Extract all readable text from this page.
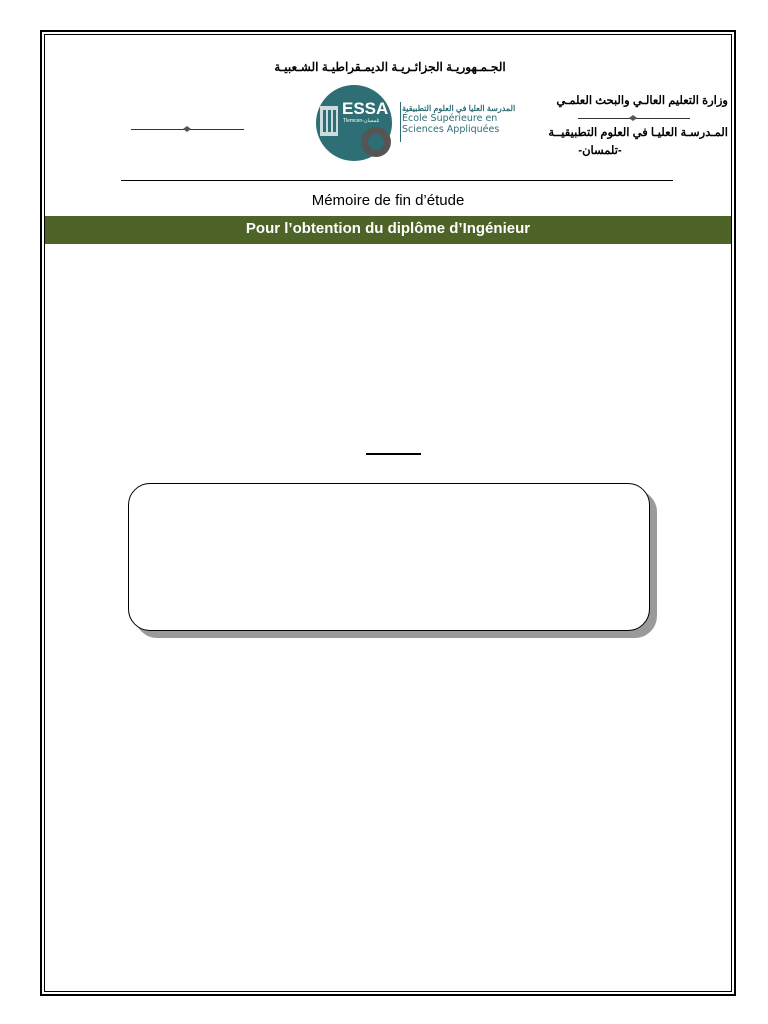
الجـمـهوريـة الجزائـريـة الديمـقراطيـة الشـعبيـة
وزارة التعليم العالـي والبحث العلمـي
المـدرسـة العليـا في العلوم التطبيقيــة
-تلمسان-
ESSA
Tlemcen-تلمسان
المدرسة العليا في العلوم التطبيقية
École Supérieure en
Sciences Appliquées
Mémoire de fin d’étude
Pour l’obtention du diplôme d’Ingénieur
